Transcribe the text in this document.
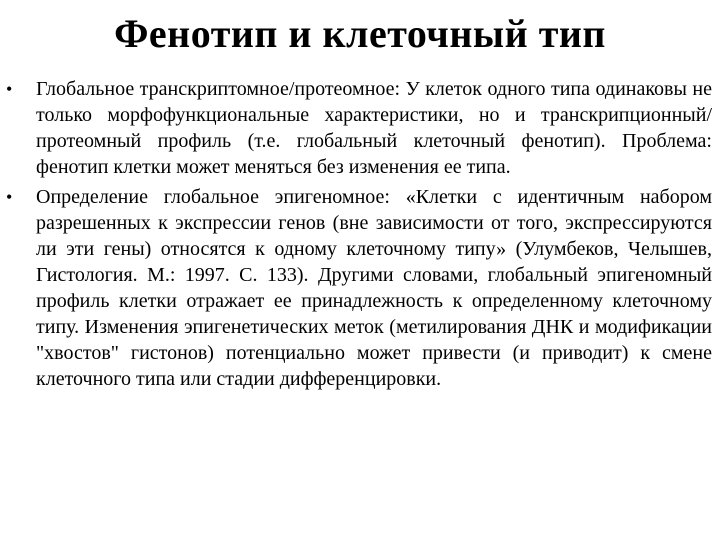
Фенотип и клеточный тип
• Глобальное транскриптомное/протеомное: У клеток одного типа одинаковы не только морфофункциональные характеристики, но и транскрипционный/протеомный профиль (т.е. глобальный клеточный фенотип). Проблема: фенотип клетки может меняться без изменения ее типа.
• Определение глобальное эпигеномное: «Клетки с идентичным набором разрешенных к экспрессии генов (вне зависимости от того, экспрессируются ли эти гены) относятся к одному клеточному типу» (Улумбеков, Челышев, Гистология. М.: 1997. С. 133). Другими словами, глобальный эпигеномный профиль клетки отражает ее принадлежность к определенному клеточному типу. Изменения эпигенетических меток (метилирования ДНК и модификации "хвостов" гистонов) потенциально может привести (и приводит) к смене клеточного типа или стадии дифференцировки.
